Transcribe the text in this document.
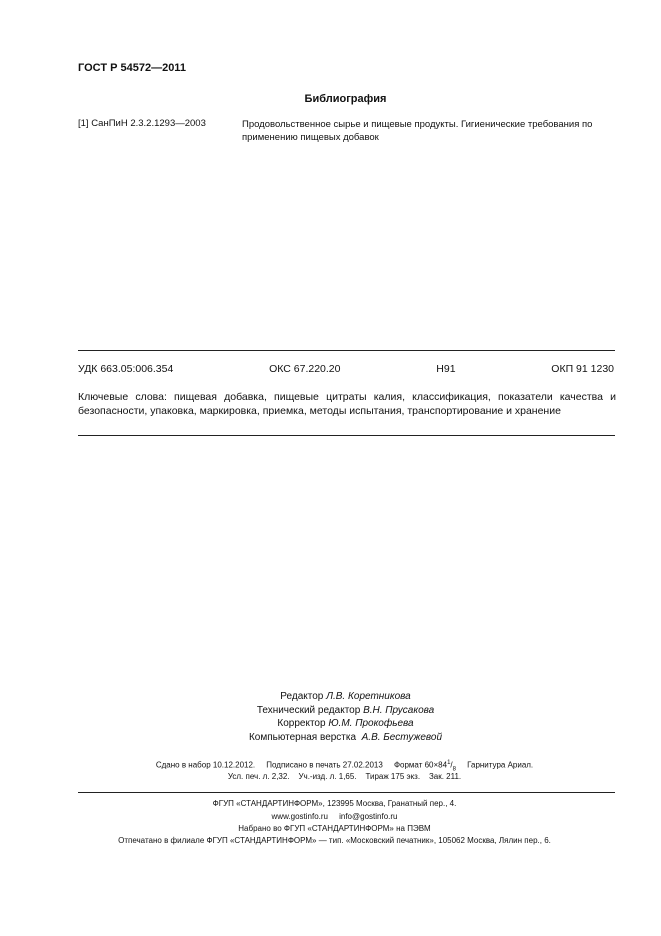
ГОСТ Р 54572—2011
Библиография
[1] СанПиН 2.3.2.1293—2003	Продовольственное сырье и пищевые продукты. Гигиенические требования по применению пищевых добавок
УДК 663.05:006.354	ОКС 67.220.20	Н91	ОКП 91 1230
Ключевые слова: пищевая добавка, пищевые цитраты калия, классификация, показатели качества и безопасности, упаковка, маркировка, приемка, методы испытания, транспортирование и хранение
Редактор Л.В. Коретникова
Технический редактор В.Н. Прусакова
Корректор Ю.М. Прокофьева
Компьютерная верстка А.В. Бестужевой
Сдано в набор 10.12.2012. Подписано в печать 27.02.2013 Формат $60\times 84^1/_8$ Гарнитура Ариал.
Усл. печ. л. 2,32. Уч.-изд. л. 1,65. Тираж 175 экз. Зак. 211.
ФГУП «СТАНДАРТИНФОРМ», 123995 Москва, Гранатный пер., 4.
www.gostinfo.ru info@gostinfo.ru
Набрано во ФГУП «СТАНДАРТИНФОРМ» на ПЭВМ
Отпечатано в филиале ФГУП «СТАНДАРТИНФОРМ» — тип. «Московский печатник», 105062 Москва, Лялин пер., 6.
